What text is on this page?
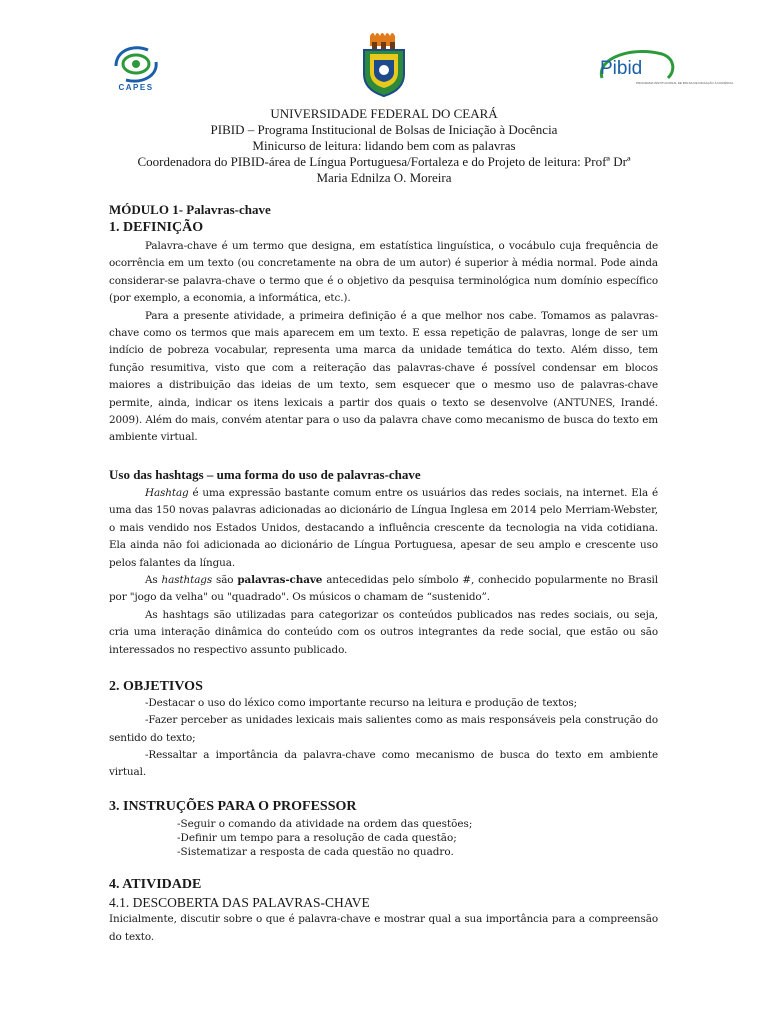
CAPES
Pibid
PROGRAMA INSTITUCIONAL DE BOLSA DE INICIAÇÃO À DOCÊNCIA
UNIVERSIDADE FEDERAL DO CEARÁ
PIBID – Programa Institucional de Bolsas de Iniciação à Docência
Minicurso de leitura: lidando bem com as palavras
Coordenadora do PIBID-área de Língua Portuguesa/Fortaleza e do Projeto de leitura: Profª Drª
Maria Ednilza O. Moreira
MÓDULO 1- Palavras-chave
1. DEFINIÇÃO

Palavra-chave é um termo que designa, em estatística linguística, o vocábulo cuja frequência de ocorrência em um texto (ou concretamente na obra de um autor) é superior à média normal. Pode ainda considerar-se palavra-chave o termo que é o objetivo da pesquisa terminológica num domínio específico (por exemplo, a economia, a informática, etc.).

Para a presente atividade, a primeira definição é a que melhor nos cabe. Tomamos as palavras-chave como os termos que mais aparecem em um texto. E essa repetição de palavras, longe de ser um indício de pobreza vocabular, representa uma marca da unidade temática do texto. Além disso, tem função resumitiva, visto que com a reiteração das palavras-chave é possível condensar em blocos maiores a distribuição das ideias de um texto, sem esquecer que o mesmo uso de palavras-chave permite, ainda, indicar os itens lexicais a partir dos quais o texto se desenvolve (ANTUNES, Irandé. 2009). Além do mais, convém atentar para o uso da palavra chave como mecanismo de busca do texto em ambiente virtual.

Uso das hashtags – uma forma do uso de palavras-chave

Hashtag é uma expressão bastante comum entre os usuários das redes sociais, na internet. Ela é uma das 150 novas palavras adicionadas ao dicionário de Língua Inglesa em 2014 pelo Merriam-Webster, o mais vendido nos Estados Unidos, destacando a influência crescente da tecnologia na vida cotidiana. Ela ainda não foi adicionada ao dicionário de Língua Portuguesa, apesar de seu amplo e crescente uso pelos falantes da língua.

As hasthtags são palavras-chave antecedidas pelo símbolo #, conhecido popularmente no Brasil por "jogo da velha" ou "quadrado". Os músicos o chamam de “sustenido”.

As hashtags são utilizadas para categorizar os conteúdos publicados nas redes sociais, ou seja, cria uma interação dinâmica do conteúdo com os outros integrantes da rede social, que estão ou são interessados no respectivo assunto publicado.

2. OBJETIVOS
-Destacar o uso do léxico como importante recurso na leitura e produção de textos;
-Fazer perceber as unidades lexicais mais salientes como as mais responsáveis pela construção do sentido do texto;
-Ressaltar a importância da palavra-chave como mecanismo de busca do texto em ambiente virtual.
3. INSTRUÇÕES PARA O PROFESSOR
-Seguir o comando da atividade na ordem das questões;
-Definir um tempo para a resolução de cada questão;
-Sistematizar a resposta de cada questão no quadro.
4. ATIVIDADE
4.1. DESCOBERTA DAS PALAVRAS-CHAVE

Inicialmente, discutir sobre o que é palavra-chave e mostrar qual a sua importância para a compreensão do texto.
